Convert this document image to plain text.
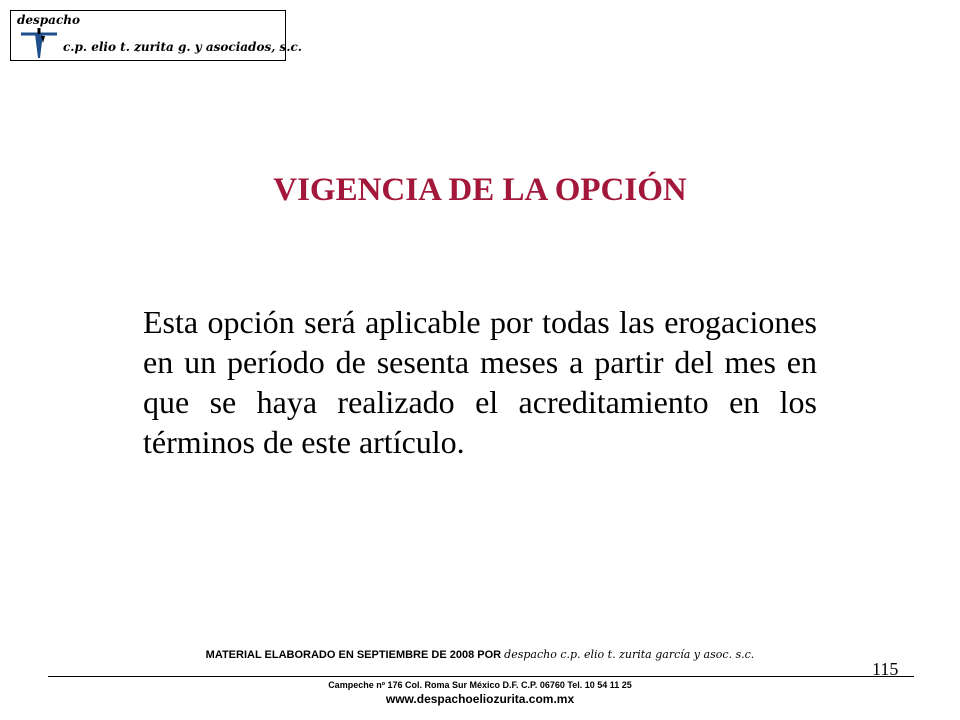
despacho
c.p. elio t. zurita g. y asociados, s.c.
VIGENCIA DE LA OPCIÓN

Esta opción será aplicable por todas las erogaciones en un período de sesenta meses a partir del mes en que se haya realizado el acreditamiento en los términos de este artículo.

MATERIAL ELABORADO EN SEPTIEMBRE DE 2008 POR despacho c.p. elio t. zurita garcía y asoc. s.c.
115
Campeche nº 176 Col. Roma Sur México D.F. C.P. 06760 Tel. 10 54 11 25
www.despachoeliozurita.com.mx
